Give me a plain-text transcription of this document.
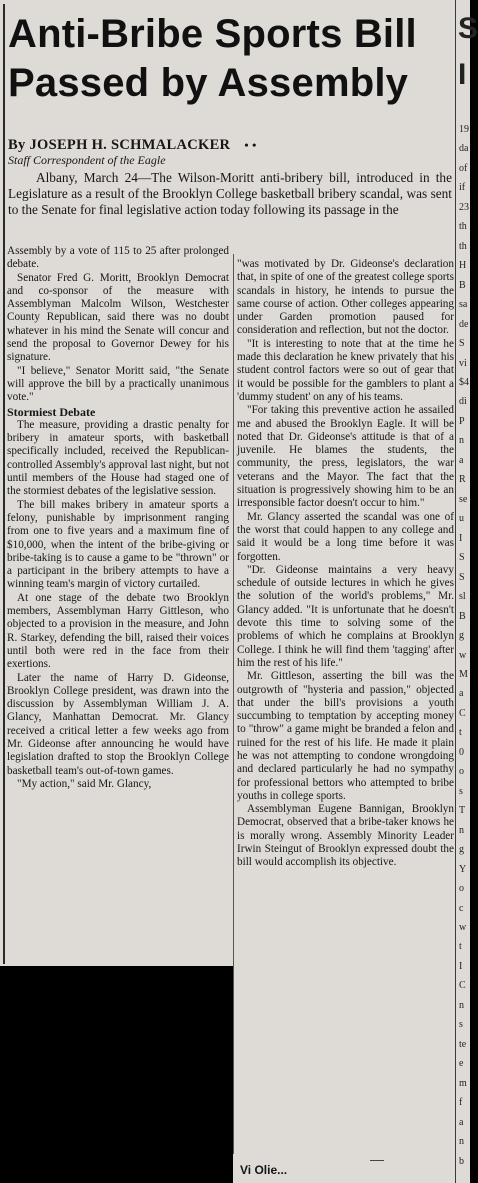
Anti-Bribe Sports Bill Passed by Assembly
By JOSEPH H. SCHMALACKER • •
Staff Correspondent of the Eagle

Albany, March 24—The Wilson-Moritt anti-bribery bill, introduced in the Legislature as a result of the Brooklyn College basketball bribery scandal, was sent to the Senate for final legislative action today following its passage in the

Assembly by a vote of 115 to 25 after prolonged debate.

Senator Fred G. Moritt, Brooklyn Democrat and co-sponsor of the measure with Assemblyman Malcolm Wilson, Westchester County Republican, said there was no doubt whatever in his mind the Senate will concur and send the proposal to Governor Dewey for his signature.

"I believe," Senator Moritt said, "the Senate will approve the bill by a practically unanimous vote."

Stormiest Debate

The measure, providing a drastic penalty for bribery in amateur sports, with basketball specifically included, received the Republican-controlled Assembly's approval last night, but not until members of the House had staged one of the stormiest debates of the legislative session.

The bill makes bribery in amateur sports a felony, punishable by imprisonment ranging from one to five years and a maximum fine of $10,000, when the intent of the bribe-giving or bribe-taking is to cause a game to be "thrown" or a participant in the bribery attempts to have a winning team's margin of victory curtailed.

At one stage of the debate two Brooklyn members, Assemblyman Harry Gittleson, who objected to a provision in the measure, and John R. Starkey, defending the bill, raised their voices until both were red in the face from their exertions.

Later the name of Harry D. Gideonse, Brooklyn College president, was drawn into the discussion by Assemblyman William J. A. Glancy, Manhattan Democrat. Mr. Glancy received a critical letter a few weeks ago from Mr. Gideonse after announcing he would have legislation drafted to stop the Brooklyn College basketball team's out-of-town games.

"My action," said Mr. Glancy,

"was motivated by Dr. Gideonse's declaration that, in spite of one of the greatest college sports scandals in history, he intends to pursue the same course of action. Other colleges appearing under Garden promotion paused for consideration and reflection, but not the doctor.

"It is interesting to note that at the time he made this declaration he knew privately that his student control factors were so out of gear that it would be possible for the gamblers to plant a 'dummy student' on any of his teams.

"For taking this preventive action he assailed me and abused the Brooklyn Eagle. It will be noted that Dr. Gideonse's attitude is that of a juvenile. He blames the students, the community, the press, legislators, the war veterans and the Mayor. The fact that the situation is progressively showing him to be an irresponsible factor doesn't occur to him."

Mr. Glancy asserted the scandal was one of the worst that could happen to any college and said it would be a long time before it was forgotten.

"Dr. Gideonse maintains a very heavy schedule of outside lectures in which he gives the solution of the world's problems," Mr. Glancy added. "It is unfortunate that he doesn't devote this time to solving some of the problems of which he complains at Brooklyn College. I think he will find them 'tagging' after him the rest of his life."

Mr. Gittleson, asserting the bill was the outgrowth of "hysteria and passion," objected that under the bill's provisions a youth succumbing to temptation by accepting money to "throw" a game might be branded a felon and ruined for the rest of his life. He made it plain he was not attempting to condone wrongdoing and declared particularly he had no sympathy for professional bettors who attempted to bribe youths in college sports.

Assemblyman Eugene Bannigan, Brooklyn Democrat, observed that a bribe-taker knows he is morally wrong. Assembly Minority Leader Irwin Steingut of Brooklyn expressed doubt the bill would accomplish its objective.

Vi Olie...
S
I
19
da
of
if
23
th
th
H
B
sa
de
S
vi
$4
di
P
n
a
R
se
u
I
S
S
sl
B
g
w
M
a
C
t
0
o
s
T
n
g
Y
o
c
w
t
I
C
n
s
te
e
m
f
a
n
b
